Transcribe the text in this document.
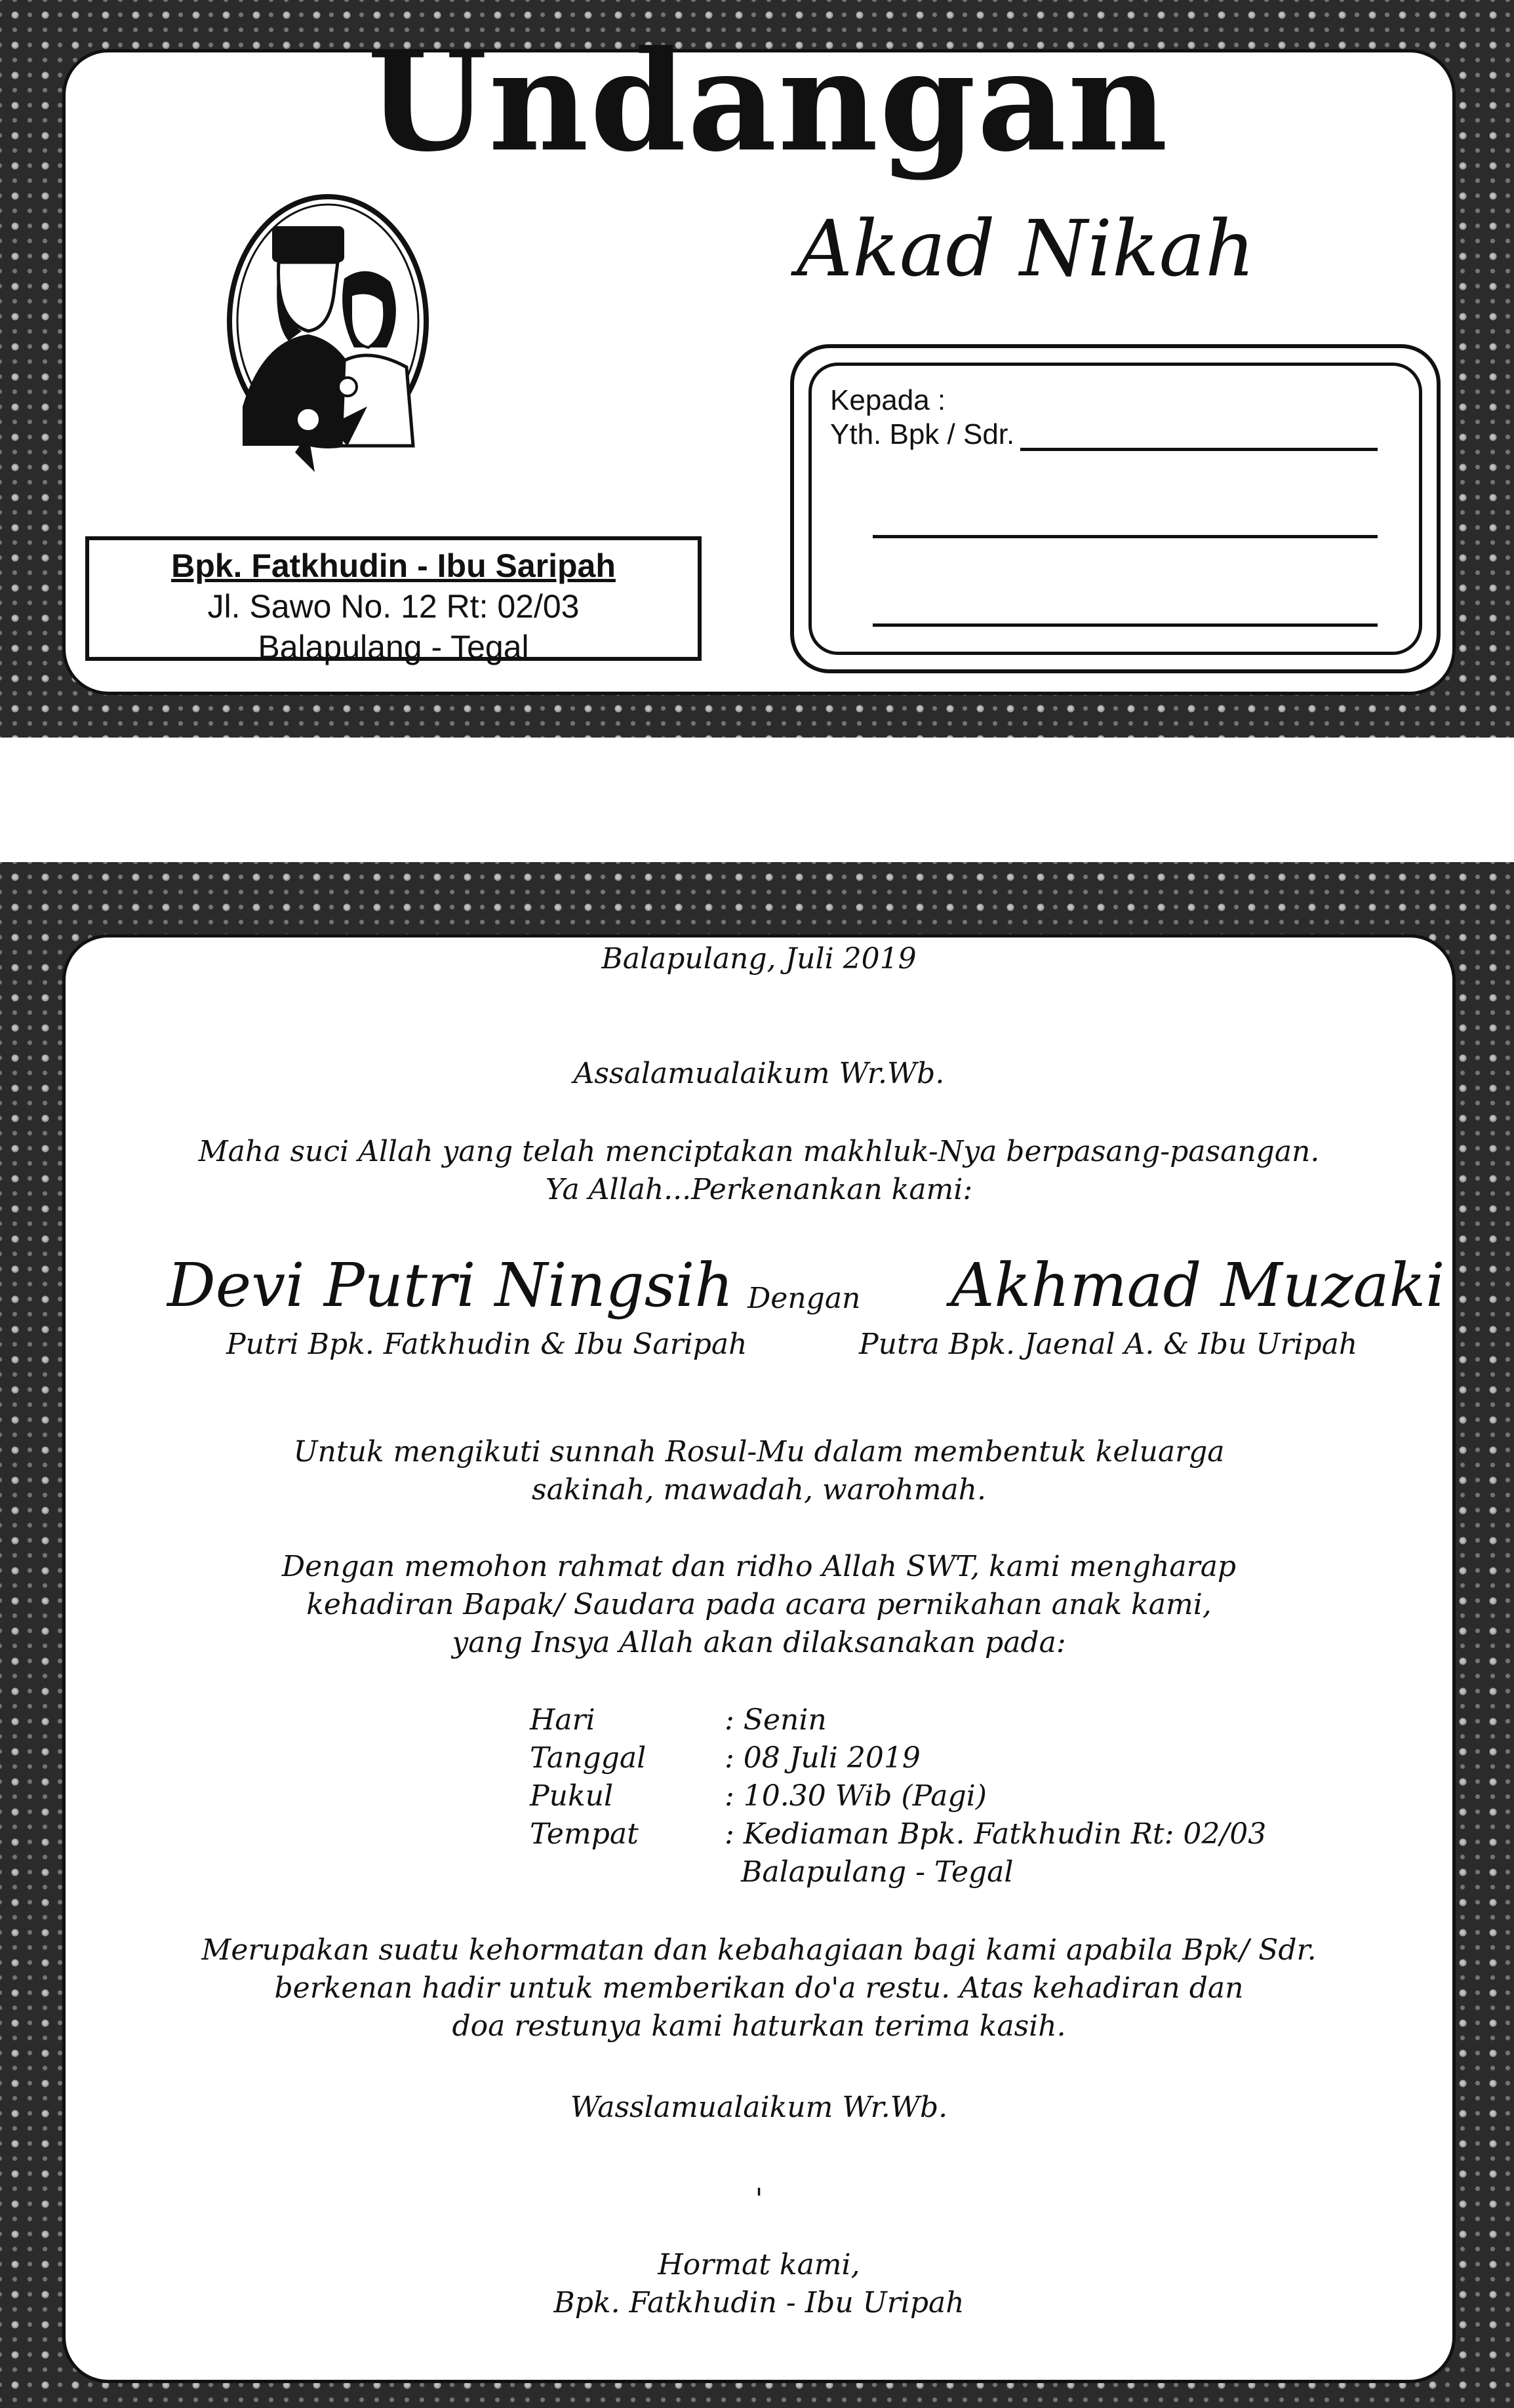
Undangan
Akad Nikah
Bpk. Fatkhudin - Ibu Saripah
Jl. Sawo No. 12 Rt: 02/03
Balapulang - Tegal
Kepada :
Yth. Bpk / Sdr.
Balapulang, Juli 2019
Assalamualaikum Wr.Wb.
Maha suci Allah yang telah menciptakan makhluk-Nya berpasang-pasangan.
Ya Allah...Perkenankan kami:
Devi Putri Ningsih
Putri Bpk. Fatkhudin & Ibu Saripah
Dengan Akhmad Muzaki
Putra Bpk. Jaenal A. & Ibu Uripah
Untuk mengikuti sunnah Rosul-Mu dalam membentuk keluarga
sakinah, mawadah, warohmah.
Dengan memohon rahmat dan ridho Allah SWT, kami mengharap
kehadiran Bapak/ Saudara pada acara pernikahan anak kami,
yang Insya Allah akan dilaksanakan pada:
Hari	: Senin
Tanggal	: 08 Juli 2019
Pukul	: 10.30 Wib (Pagi)
Tempat	: Kediaman Bpk. Fatkhudin Rt: 02/03
Balapulang - Tegal
Merupakan suatu kehormatan dan kebahagiaan bagi kami apabila Bpk/ Sdr.
berkenan hadir untuk memberikan do'a restu. Atas kehadiran dan
doa restunya kami haturkan terima kasih.
Wasslamualaikum Wr.Wb.
'
Hormat kami,
Bpk. Fatkhudin - Ibu Uripah
